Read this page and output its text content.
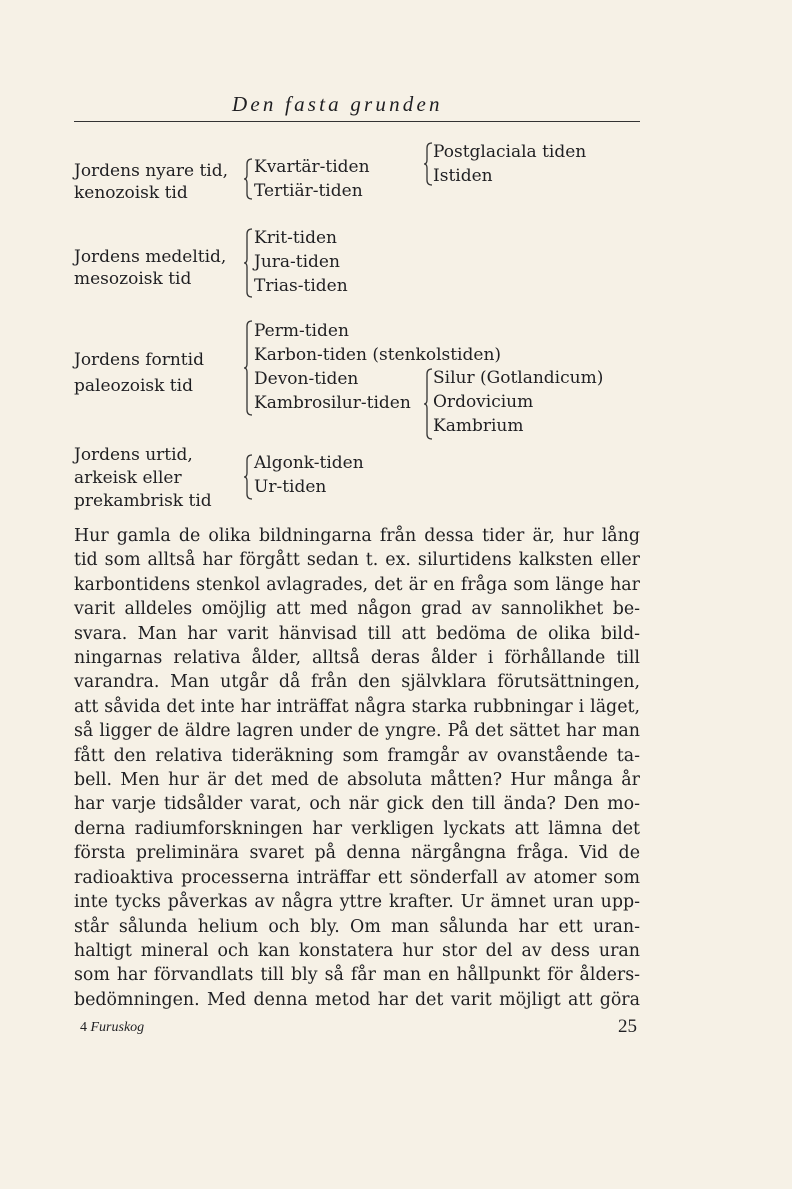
Den fasta grunden
Jordens nyare tid,
kenozoisk tid
Kvartär-tiden
Tertiär-tiden
Postglaciala tiden
Istiden
Jordens medeltid,
mesozoisk tid
Krit-tiden
Jura-tiden
Trias-tiden
Jordens forntid
paleozoisk tid
Perm-tiden
Karbon-tiden (stenkolstiden)
Devon-tiden
Kambrosilur-tiden
Silur (Gotlandicum)
Ordovicium
Kambrium
Jordens urtid,
arkeisk eller
prekambrisk tid
Algonk-tiden
Ur-tiden
Hur gamla de olika bildningarna från dessa tider är, hur lång
tid som alltså har förgått sedan t. ex. silurtidens kalksten eller
karbontidens stenkol avlagrades, det är en fråga som länge har
varit alldeles omöjlig att med någon grad av sannolikhet be-
svara. Man har varit hänvisad till att bedöma de olika bild-
ningarnas relativa ålder, alltså deras ålder i förhållande till
varandra. Man utgår då från den självklara förutsättningen,
att såvida det inte har inträffat några starka rubbningar i läget,
så ligger de äldre lagren under de yngre. På det sättet har man
fått den relativa tideräkning som framgår av ovanstående ta-
bell. Men hur är det med de absoluta måtten? Hur många år
har varje tidsålder varat, och när gick den till ända? Den mo-
derna radiumforskningen har verkligen lyckats att lämna det
första preliminära svaret på denna närgångna fråga. Vid de
radioaktiva processerna inträffar ett sönderfall av atomer som
inte tycks påverkas av några yttre krafter. Ur ämnet uran upp-
står sålunda helium och bly. Om man sålunda har ett uran-
haltigt mineral och kan konstatera hur stor del av dess uran
som har förvandlats till bly så får man en hållpunkt för ålders-
bedömningen. Med denna metod har det varit möjligt att göra
4 Furuskog	25
